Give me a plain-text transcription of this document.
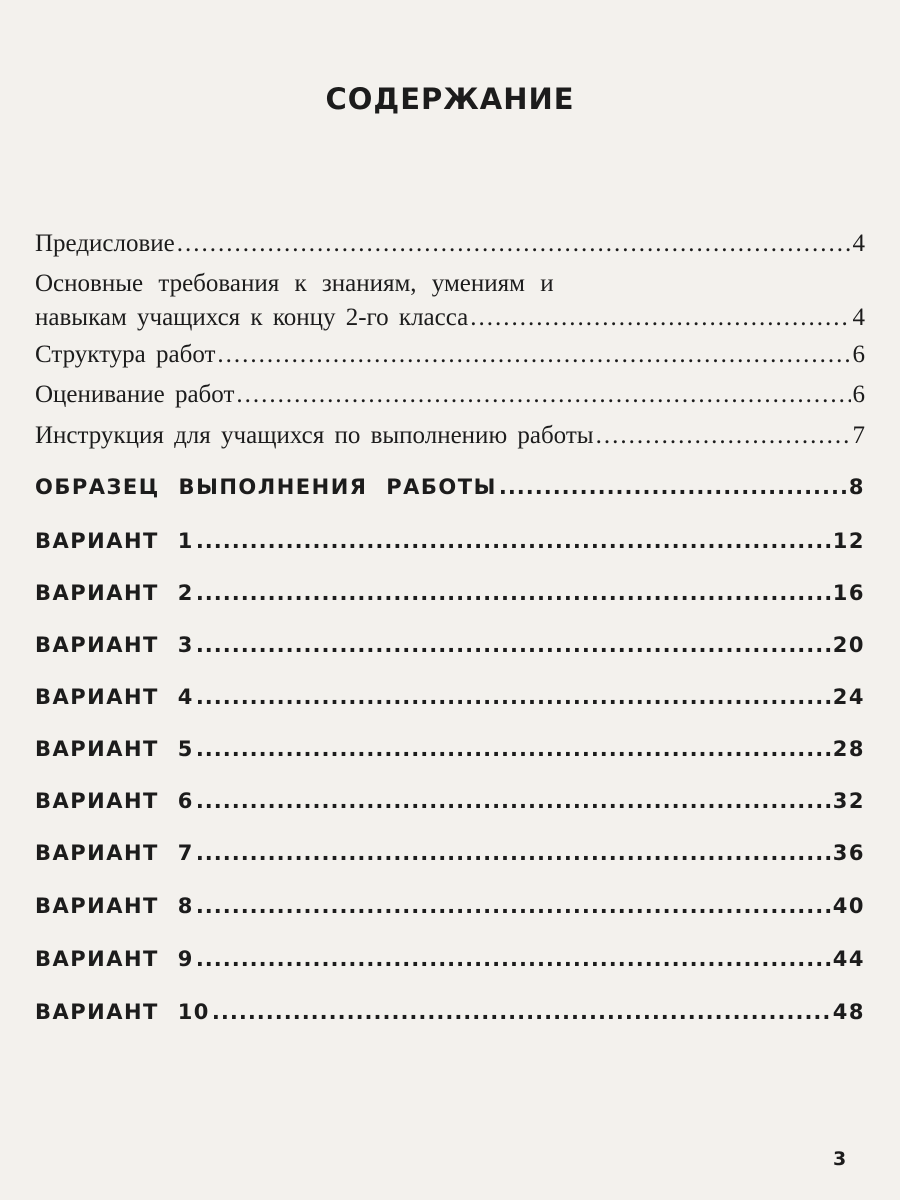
СОДЕРЖАНИЕ
Предисловие .....	4
Основные требования к знаниям, умениям и
навыкам учащихся к концу 2-го класса .....	4
Структура работ .....	6
Оценивание работ .....	6
Инструкция для учащихся по выполнению работы .....	7
ОБРАЗЕЦ ВЫПОЛНЕНИЯ РАБОТЫ .....	8
ВАРИАНТ 1 .....	12
ВАРИАНТ 2 .....	16
ВАРИАНТ 3 .....	20
ВАРИАНТ 4 .....	24
ВАРИАНТ 5 .....	28
ВАРИАНТ 6 .....	32
ВАРИАНТ 7 .....	36
ВАРИАНТ 8 .....	40
ВАРИАНТ 9 .....	44
ВАРИАНТ 10 .....	48
3
